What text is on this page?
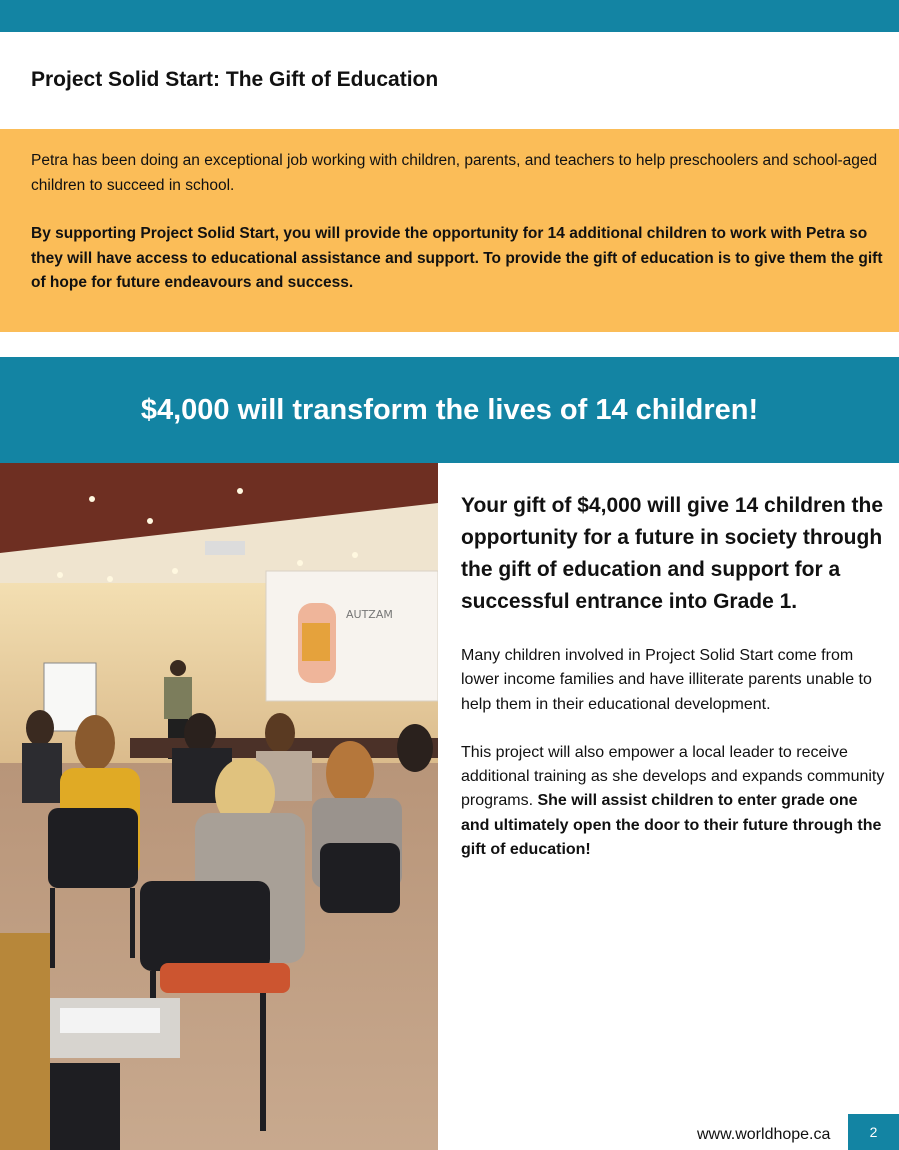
Project Solid Start: The Gift of Education

Petra has been doing an exceptional job working with children, parents, and teachers to help preschoolers and school-aged children to succeed in school.

By supporting Project Solid Start, you will provide the opportunity for 14 additional children to work with Petra so they will have access to educational assistance and support. To provide the gift of education is to give them the gift of hope for future endeavours and success.

$4,000 will transform the lives of 14 children!
AUTZAM

Your gift of $4,000 will give 14 children the opportunity for a future in society through the gift of education and support for a successful entrance into Grade 1.

Many children involved in Project Solid Start come from lower income families and have illiterate parents unable to help them in their educational development.

This project will also empower a local leader to receive additional training as she develops and expands community programs. She will assist children to enter grade one and ultimately open the door to their future through the gift of education!

www.worldhope.ca	2
